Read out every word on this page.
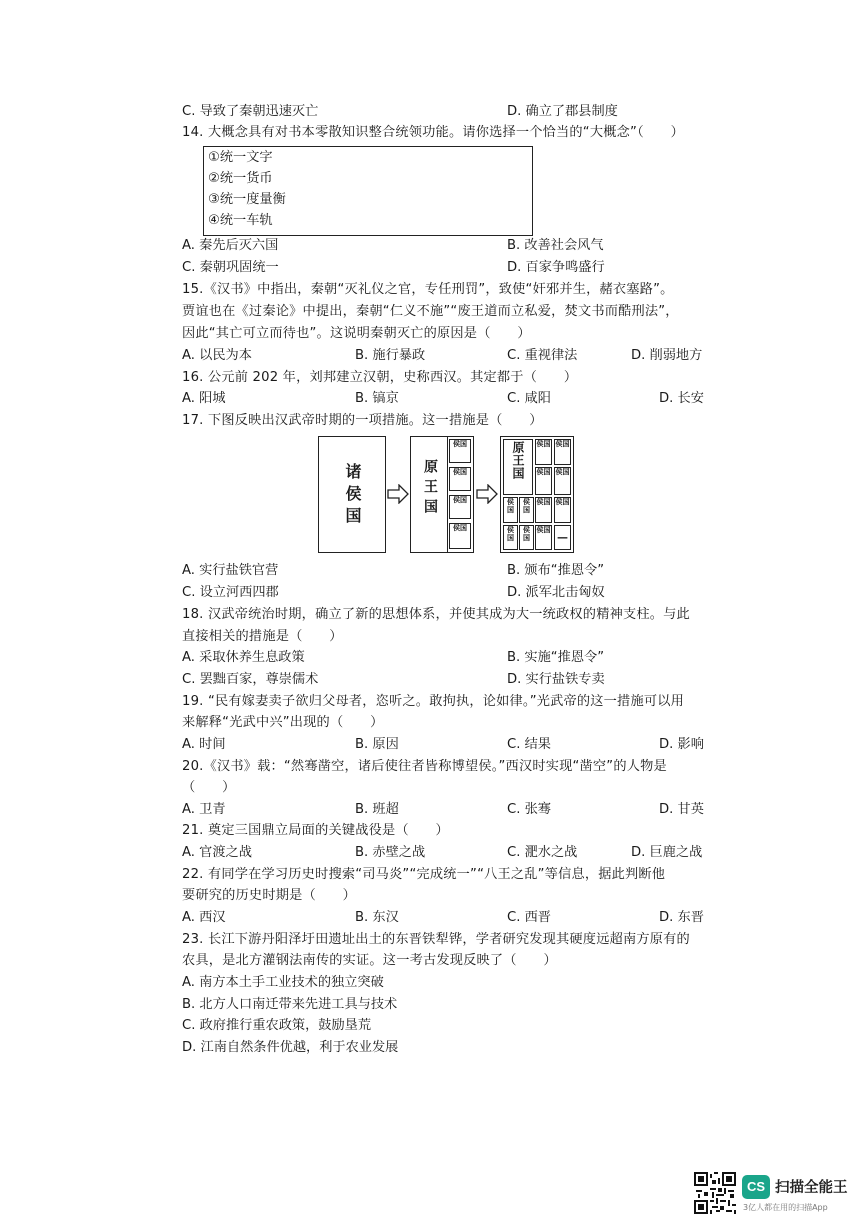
C. 导致了秦朝迅速灭亡	D. 确立了郡县制度
14. 大概念具有对书本零散知识整合统领功能。请你选择一个恰当的“大概念”（　　）
①统一文字
②统一货币
③统一度量衡
④统一车轨
A. 秦先后灭六国	B. 改善社会风气
C. 秦朝巩固统一	D. 百家争鸣盛行
15.《汉书》中指出，秦朝“灭礼仪之官，专任刑罚”，致使“奸邪并生，赭衣塞路”。
贾谊也在《过秦论》中提出，秦朝“仁义不施”“废王道而立私爱，焚文书而酷刑法”，
因此“其亡可立而待也”。这说明秦朝灭亡的原因是（　　）
A. 以民为本	B. 施行暴政	C. 重视律法	D. 削弱地方
16. 公元前 202 年，刘邦建立汉朝，史称西汉。其定都于（　　）
A. 阳城	B. 镐京	C. 咸阳	D. 长安
17. 下图反映出汉武帝时期的一项措施。这一措施是（　　）
诸侯国	原王国
侯国
侯国
侯国
侯国
原王国	侯国 侯国
侯国 侯国
侯国
侯国
侯国 侯国
侯国
侯国
侯国
—
A. 实行盐铁官营	B. 颁布“推恩令”
C. 设立河西四郡	D. 派军北击匈奴
18. 汉武帝统治时期，确立了新的思想体系，并使其成为大一统政权的精神支柱。与此
直接相关的措施是（　　）
A. 采取休养生息政策	B. 实施“推恩令”
C. 罢黜百家，尊崇儒术	D. 实行盐铁专卖
19. “民有嫁妻卖子欲归父母者，恣听之。敢拘执，论如律。”光武帝的这一措施可以用
来解释“光武中兴”出现的（　　）
A. 时间	B. 原因	C. 结果	D. 影响
20.《汉书》载：“然骞凿空，诸后使往者皆称博望侯。”西汉时实现“凿空”的人物是
（　　）
A. 卫青	B. 班超	C. 张骞	D. 甘英
21. 奠定三国鼎立局面的关键战役是（　　）
A. 官渡之战	B. 赤壁之战	C. 淝水之战	D. 巨鹿之战
22. 有同学在学习历史时搜索“司马炎”“完成统一”“八王之乱”等信息，据此判断他
要研究的历史时期是（　　）
A. 西汉	B. 东汉	C. 西晋	D. 东晋
23. 长江下游丹阳泽圩田遗址出土的东晋铁犁铧，学者研究发现其硬度远超南方原有的
农具，是北方灌钢法南传的实证。这一考古发现反映了（　　）
A. 南方本土手工业技术的独立突破
B. 北方人口南迁带来先进工具与技术
C. 政府推行重农政策，鼓励垦荒
D. 江南自然条件优越，利于农业发展
CS 扫描全能王
3亿人都在用的扫描App
